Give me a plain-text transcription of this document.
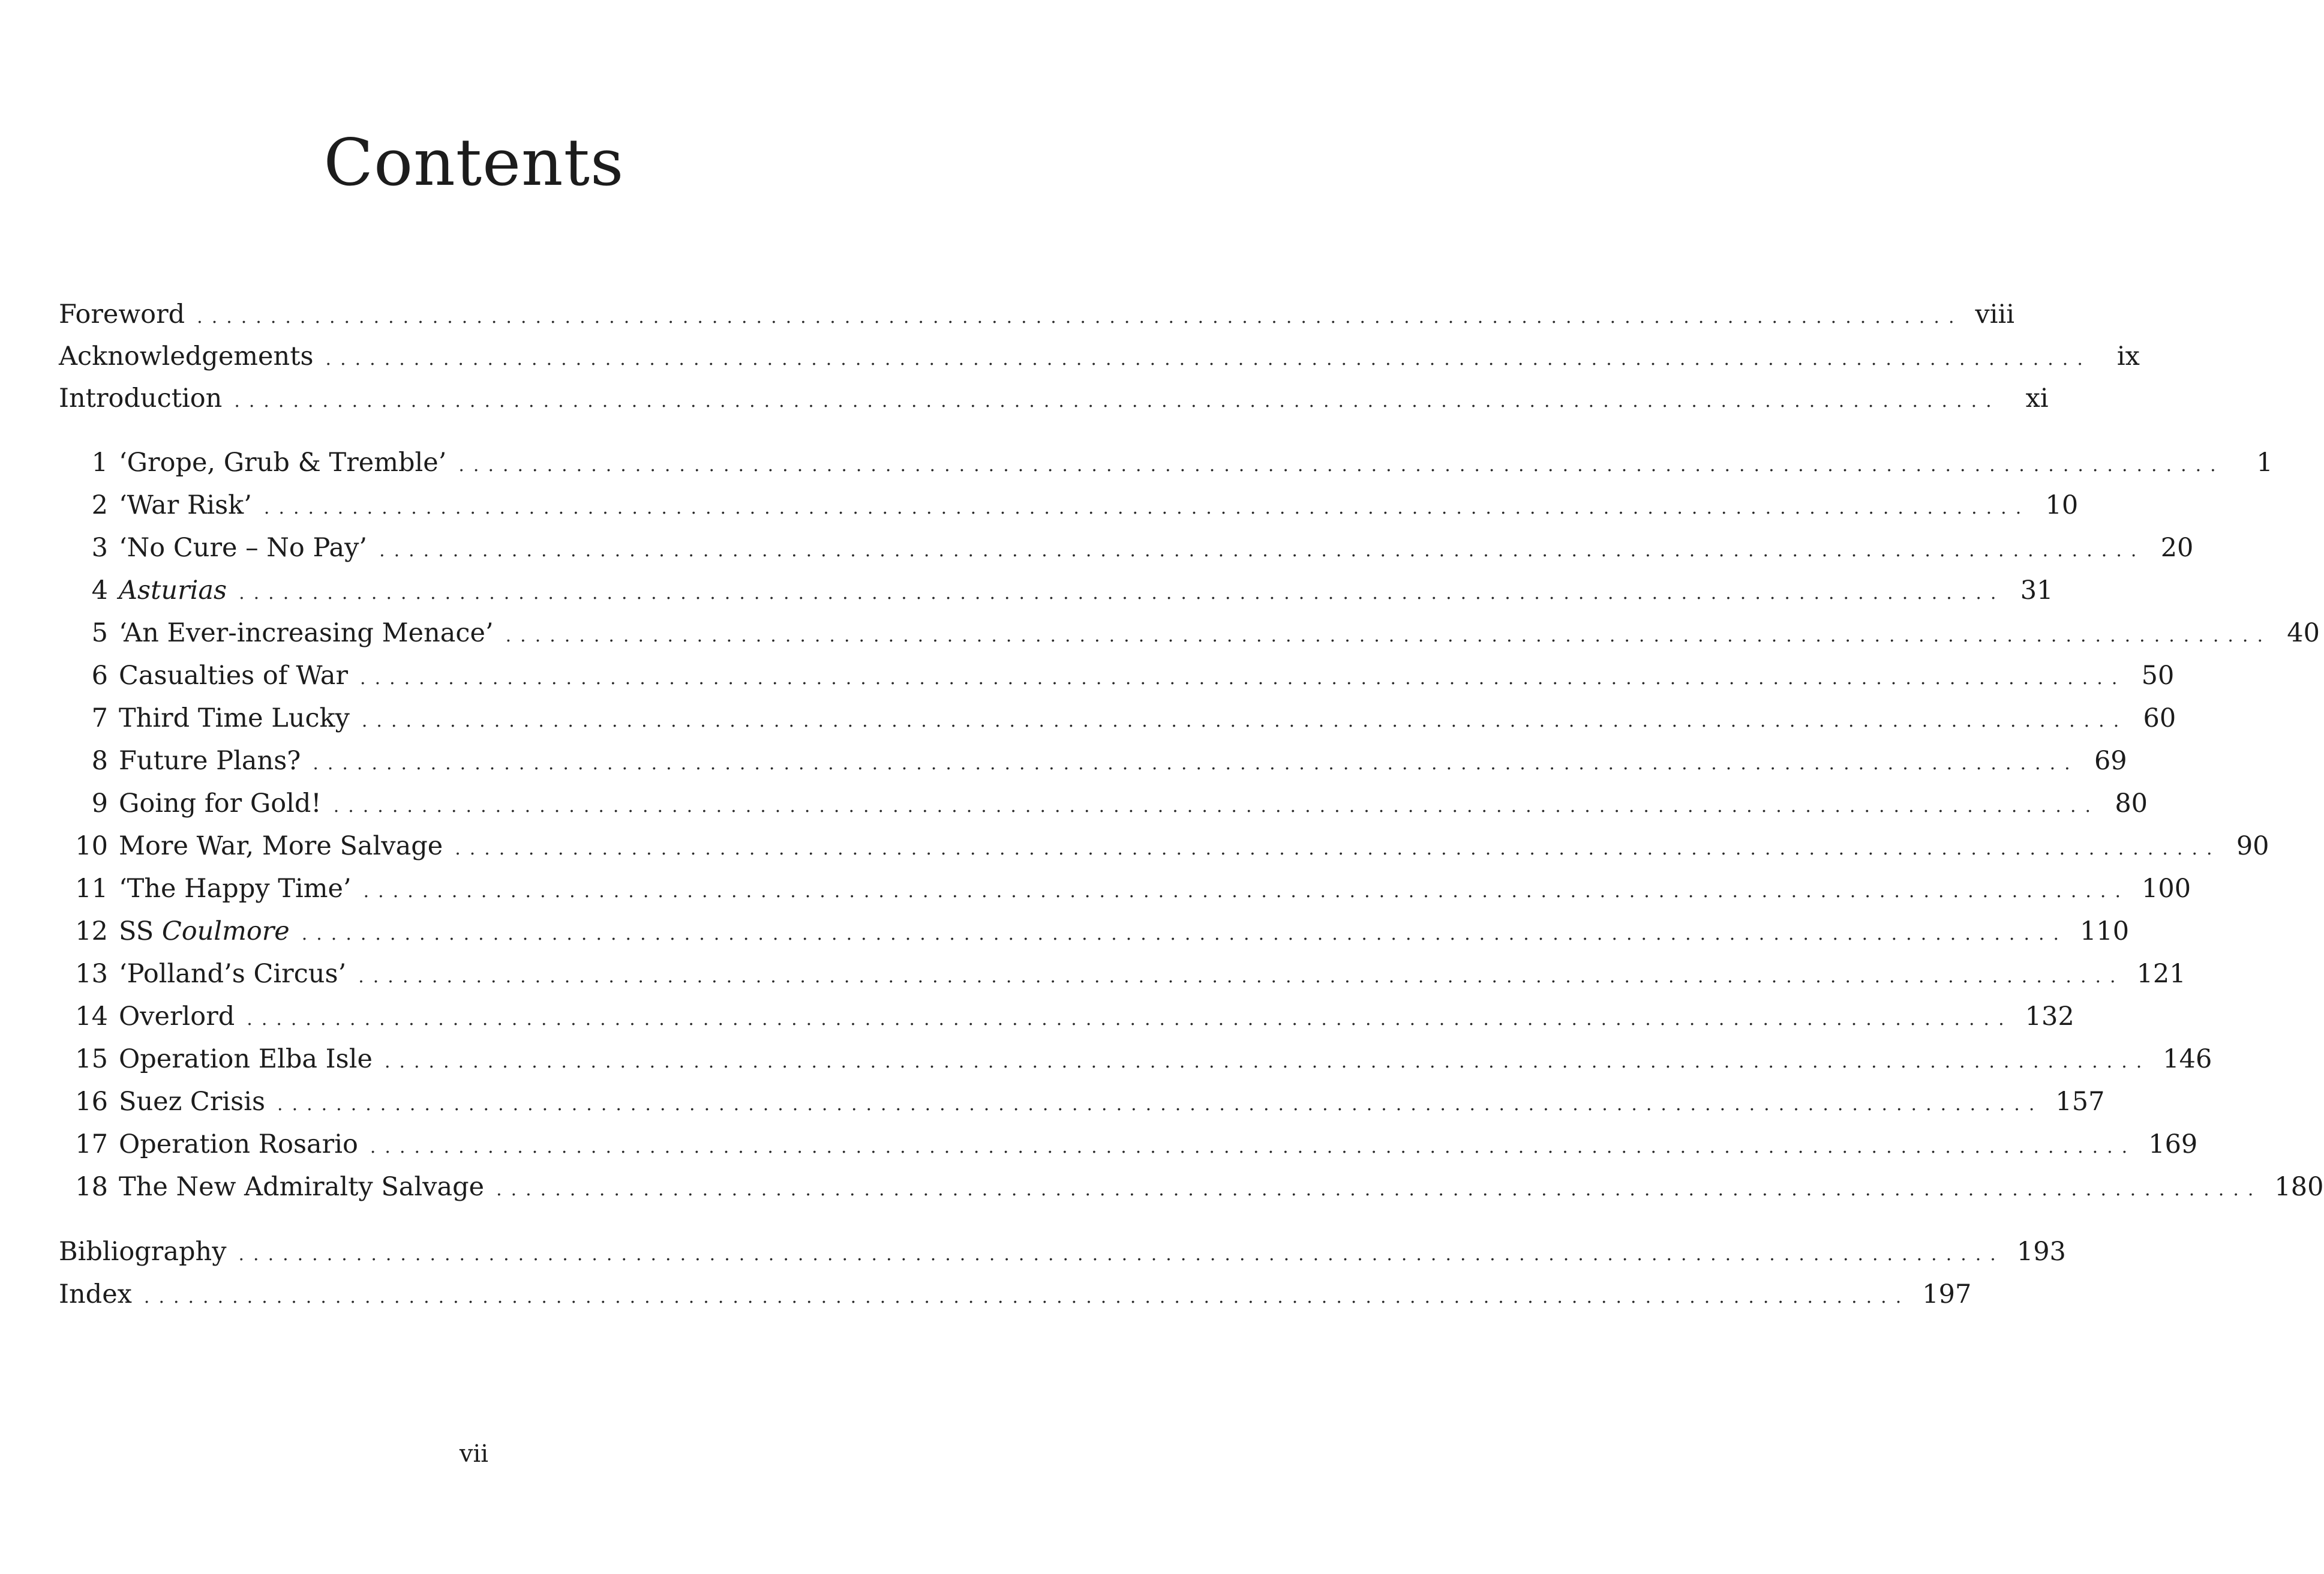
Contents
Foreword ........................................................................................................................ viii
Acknowledgements ........................................................................................................................ ix
Introduction ........................................................................................................................ xi
1 ‘Grope, Grub & Tremble’ ........................................................................................................................	1
2 ‘War Risk’ ........................................................................................................................ 10
3 ‘No Cure – No Pay’ ........................................................................................................................ 20
4 Asturias ........................................................................................................................ 31
5 ‘An Ever-increasing Menace’ ........................................................................................................................ 40
6 Casualties of War ........................................................................................................................ 50
7 Third Time Lucky ........................................................................................................................ 60
8 Future Plans? ........................................................................................................................ 69
9 Going for Gold! ........................................................................................................................ 80
10 More War, More Salvage ........................................................................................................................ 90
11 ‘The Happy Time’ ........................................................................................................................ 100
12 SS Coulmore ........................................................................................................................ 110
13 ‘Polland’s Circus’ ........................................................................................................................ 121
14 Overlord ........................................................................................................................ 132
15 Operation Elba Isle ........................................................................................................................ 146
16 Suez Crisis ........................................................................................................................ 157
17 Operation Rosario ........................................................................................................................ 169
18 The New Admiralty Salvage ........................................................................................................................ 180
Bibliography ........................................................................................................................ 193
Index ........................................................................................................................ 197
vii
